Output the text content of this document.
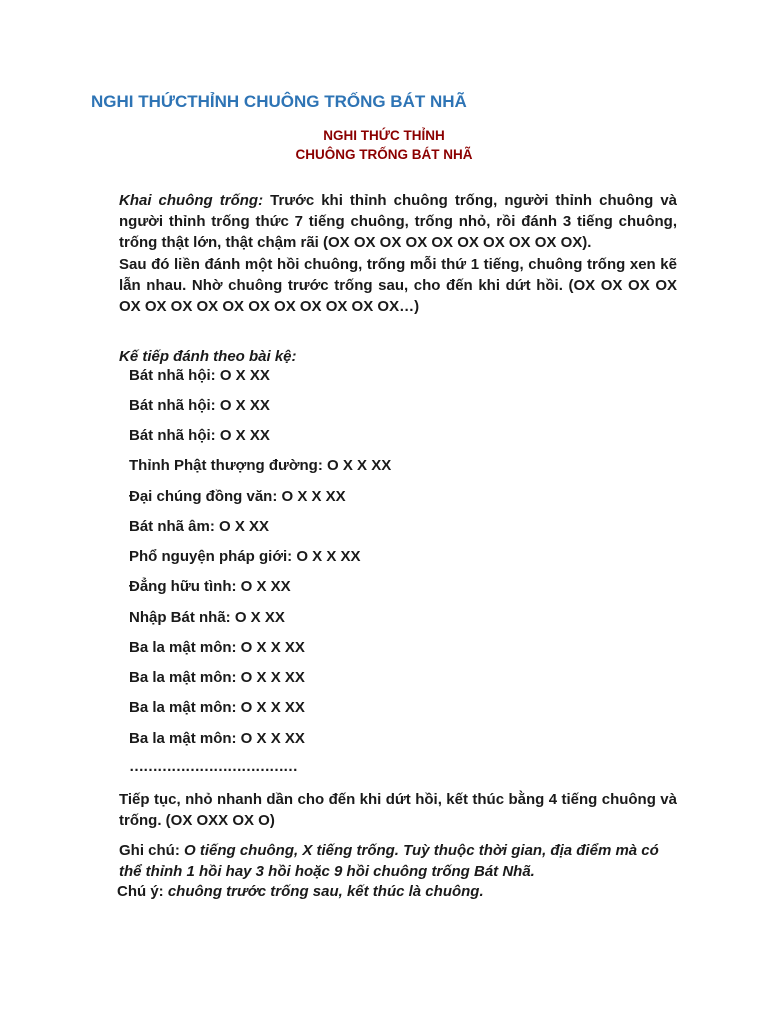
NGHI THỨCTHỈNH CHUÔNG TRỐNG BÁT NHÃ
NGHI THỨC THỈNH
CHUÔNG TRỐNG BÁT NHÃ

Khai chuông trống: Trước khi thỉnh chuông trống, người thỉnh chuông và người thỉnh trống thức 7 tiếng chuông, trống nhỏ, rồi đánh 3 tiếng chuông, trống thật lớn, thật chậm rãi (OX OX OX OX OX OX OX OX OX OX).
Sau đó liền đánh một hồi chuông, trống mỗi thứ 1 tiếng, chuông trống xen kẽ lẫn nhau. Nhờ chuông trước trống sau, cho đến khi dứt hồi. (OX OX OX OX OX OX OX OX OX OX OX OX OX OX OX…)

Kế tiếp đánh theo bài kệ:

Bát nhã hội: O X XX
Bát nhã hội: O X XX
Bát nhã hội: O X XX
Thỉnh Phật thượng đường: O X X XX
Đại chúng đồng văn: O X X XX
Bát nhã âm: O X XX
Phổ nguyện pháp giới: O X X XX
Đẳng hữu tình: O X XX
Nhập Bát nhã: O X XX
Ba la mật môn: O X X XX
Ba la mật môn: O X X XX
Ba la mật môn: O X X XX
Ba la mật môn: O X X XX
………………………………

Tiếp tục, nhỏ nhanh dần cho đến khi dứt hồi, kết thúc bằng 4 tiếng chuông và trống. (OX OXX OX O)

Ghi chú: O tiếng chuông, X tiếng trống. Tuỳ thuộc thời gian, địa điểm mà có thể thỉnh 1 hồi hay 3 hồi hoặc 9 hồi chuông trống Bát Nhã.

Chú ý: chuông trước trống sau, kết thúc là chuông.
